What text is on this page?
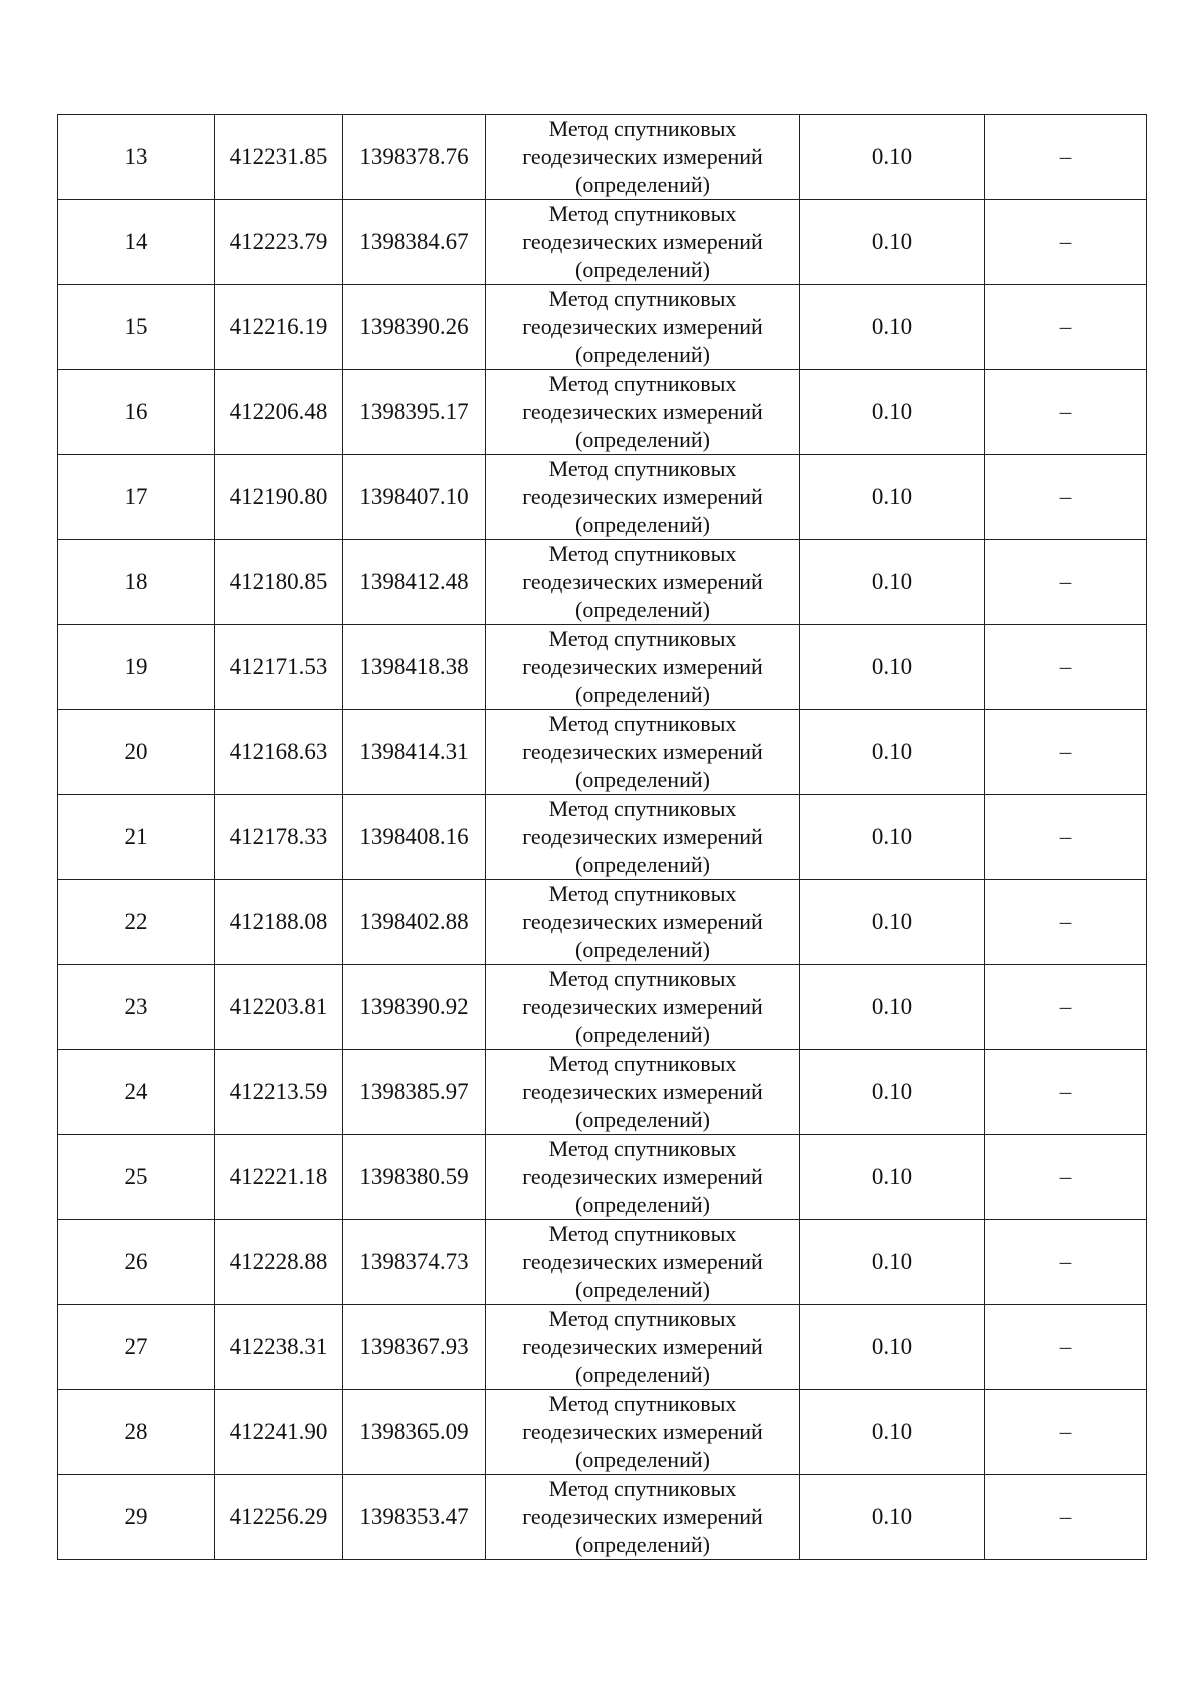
13	412231.85	1398378.76	Метод спутниковых
геодезических измерений
(определений)	0.10	–
14	412223.79	1398384.67	Метод спутниковых
геодезических измерений
(определений)	0.10	–
15	412216.19	1398390.26	Метод спутниковых
геодезических измерений
(определений)	0.10	–
16	412206.48	1398395.17	Метод спутниковых
геодезических измерений
(определений)	0.10	–
17	412190.80	1398407.10	Метод спутниковых
геодезических измерений
(определений)	0.10	–
18	412180.85	1398412.48	Метод спутниковых
геодезических измерений
(определений)	0.10	–
19	412171.53	1398418.38	Метод спутниковых
геодезических измерений
(определений)	0.10	–
20	412168.63	1398414.31	Метод спутниковых
геодезических измерений
(определений)	0.10	–
21	412178.33	1398408.16	Метод спутниковых
геодезических измерений
(определений)	0.10	–
22	412188.08	1398402.88	Метод спутниковых
геодезических измерений
(определений)	0.10	–
23	412203.81	1398390.92	Метод спутниковых
геодезических измерений
(определений)	0.10	–
24	412213.59	1398385.97	Метод спутниковых
геодезических измерений
(определений)	0.10	–
25	412221.18	1398380.59	Метод спутниковых
геодезических измерений
(определений)	0.10	–
26	412228.88	1398374.73	Метод спутниковых
геодезических измерений
(определений)	0.10	–
27	412238.31	1398367.93	Метод спутниковых
геодезических измерений
(определений)	0.10	–
28	412241.90	1398365.09	Метод спутниковых
геодезических измерений
(определений)	0.10	–
29	412256.29	1398353.47	Метод спутниковых
геодезических измерений
(определений)	0.10	–
